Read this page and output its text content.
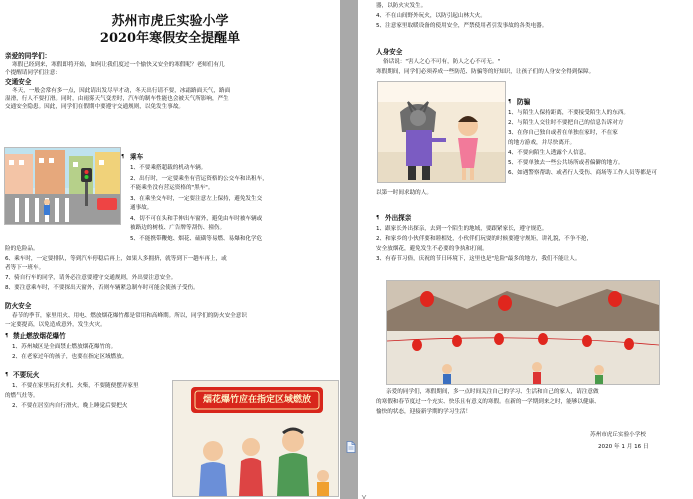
苏州市虎丘实验小学
2020年寒假安全提醒单
亲爱的同学们：
寒假已经到来，寒假即将开始，如何让我们度过一个愉快又安全的寒假呢？老师们有几
个提醒请同学们注意：
交通安全
冬天，一般会常有多一点，因此请出发尽早才动，冬天出行请不要，冰霜路面天气，路面
湿滑，行人不要打滑。同时，由雨雾天气变差时，汽车的制车性能也会被天气所影响，严生
交通安全隐患。因此，同学们在假期中要遵守交通规则，以免发生事故。
¶ 乘车
1、不要乘搭超载的机动车辆。
2、出行时，一定要乘坐有营运资格的公交车和出租车，
不能乘坐没有营运资格的"黑车"。
3、在乘坐交车时，一定要注意左上保持，避免发生交
通事故。
4、切不可在头和手伸出车窗外，避免由车时被车辆或
被路边的树枝、广告牌等刮伤、撞伤。
5、不能携带鞭炮、烟花、硫磺等易燃、易爆和化学危
险的危险品。
6、乘车时，一定要排队，等到汽车停稳后再上，如果人多拥挤，就等到下一趟车再上，或
者等下一班车。
7、骑自行车的同学，请务必注意要遵守交通规则，外出要注意安全。
8、要注意乘车时，不要探出天窗外，否则车辆紧急制车时可能会使孩子受伤。
防火安全
春节的季节，家里用火、用电、燃放烟花爆竹都是常用和高峰期。所以，同学们的防火安全意识
一定要提高，以免造成意外，发生火灾。
¶ 禁止燃放烟花爆竹
1、苏州城区是全面禁止燃放烟花爆竹的。
2、在老家过年的孩子，也要在指定区域燃放。
¶ 不要玩火
1、不要在家里玩打火机、火柴，不要随便摆弄家里
的燃气灶等。
2、不要在居室内自行滑火，晚上睡觉后要把火
烟花爆竹应在指定区域燃放
器，以防火灾发生。
4、不在山间野外玩火，以防引起山林大火。
5、注意家里取暖设备的使用安全，严禁使用者引发事故的各类电器。
人身安全
俗话说："害人之心不可有，防人之心不可无。"
寒假期间，同学们必须养成一些防范、防骗等的好知识，让孩子们的人身安全得到保障。
¶ 防骗
1、与陌生人保持距离，不要接受陌生人的东西。
2、与陌生人交往时不要把自己的信息告诉对方
3、在你自己独自或者在单独在家时，不在家
的地方游戏，并尽快离开。
4、不要向陌生人透露个人信息。
5、不要单独去一些公共场所或者偏僻的地方。
6、如遇警察帮助、或者行人受伤、商场等工作人员等都是可
以第一时间求助的人。
¶ 外出探亲
1、跟家长外出探亲，去到一个陌生的地域，要跟紧家长，遵守规范。
2、和家乡的小伙伴要和睦相处，小伙伴们玩耍的时候要遵守规矩，讲礼貌，不争不抢，
安全放烟花，避免发生不必要的争执和打闹。
3、有春节习俗，庆祝的节日环境下，这里也是"危险"最多的地方，我们不能让人。
亲爱的同学们，寒假期间，多一点时间关注自己的学习、生活和自己的家人，请注意做
的寒假和春节度过一个充实、快乐且有意义的寒假。在新的一学期到来之时，能够以健康、
愉快的状态，迎接新学期的学习生活！
苏州市虎丘实验小学校
2020 年 1 月 16 日
